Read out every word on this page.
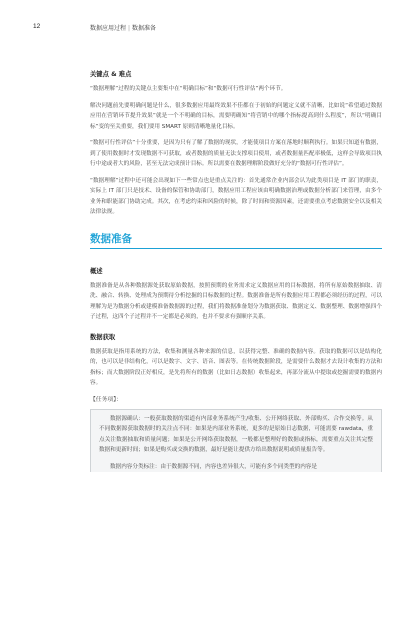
12	数据应用过程 | 数据准备
关键点 & 难点

“数据理解”过程的关键点主要集中在“明确目标”和“数据可行性评估”两个环节。

解决问题前先要明确问题是什么，很多数据应用最终效果不佳都在于初始的问题定义就不清晰，比如说“希望通过数据应用在营销环节提升效果”就是一个不明确的目标，需要明确知“将营销中的哪个指标提高到什么程度”，所以“明确目标”变的至关重要，我们要用 SMART 原则清晰地量化目标。

“数据可行性评估”十分重要，是因为只有了解了数据的现状，才能使项目方案在落地时顺利执行。如果只知道有数据，到了使用数据时才发现数据不可获取，或者数据的质量无法支撑项目使用，或者数据量匹配率极低，这样会导致项目执行中途或者大的风险，甚至无法完成预计目标。所以需要在数据理解阶段做好充分的“数据可行性评估”。

“数据理解”过程中还可能会出现如下一些常点也是重点关注的：首先通常企业内部会认为此类项目是 IT 部门的职责，实际上 IT 部门只是技术、设备的保管和协助部门，数据应用工程应该由明确数据治理或数据分析部门来管理，由多个业务和职能部门协助完成。其次，在考虑约束和风险的时候，除了时间和资源因素，还需要重点考虑数据安全以及相关法律法规。

数据准备
概述

数据准备是从各种数据源处获取原始数据，按照预期的业务需求定义数据应用的目标数据，将所有原始数据抽取、清洗、融合、转换、处理成为预期待分析挖掘的目标数据的过程。数据准备是所有数据应用工程都必须经历的过程，可以理解为是为数据分析或建模准备数据源的过程，我们将数据准备划分为数据获取、数据定义、数据整理、数据增强四个子过程，这四个子过程并不一定都是必须的，也并不要求有强顺序关系。

数据获取

数据获取是指用系统的方法，收集和测量各种来源的信息，以获得完整、准确的数据内容。获取的数据可以是结构化的，也可以是非结构化，可以是数字、文字、语音、图表等。在传统数据阶段，是需要什么数据才去设计收集的方法和指标；而大数据阶段正好相反，是先将所有的数据（比如日志数据）收集起来，再部分流从中提取或挖掘需要的数据内容。

【任务项】：

数据源确认：一般获取数据的渠道有内部业务系统产生/收集、公开网络获取、外部购买、合作交换等。从不同数据源获取数据时的关注点不同：如果是内部业务系统，更多的是原始日志数据，可能需要 rawdata，重点关注数据抽取和质量问题；如果是公开网络获取数据，一般都是整理好的数据或指标，需要重点关注其完整数据和更新时间；如果是购买或交换的数据，最好是能让提供方给出数据说明或质量报告等。

数据内容分类标注：由于数据源不同，内容也差异很大，可能有多个同类型的内容是
